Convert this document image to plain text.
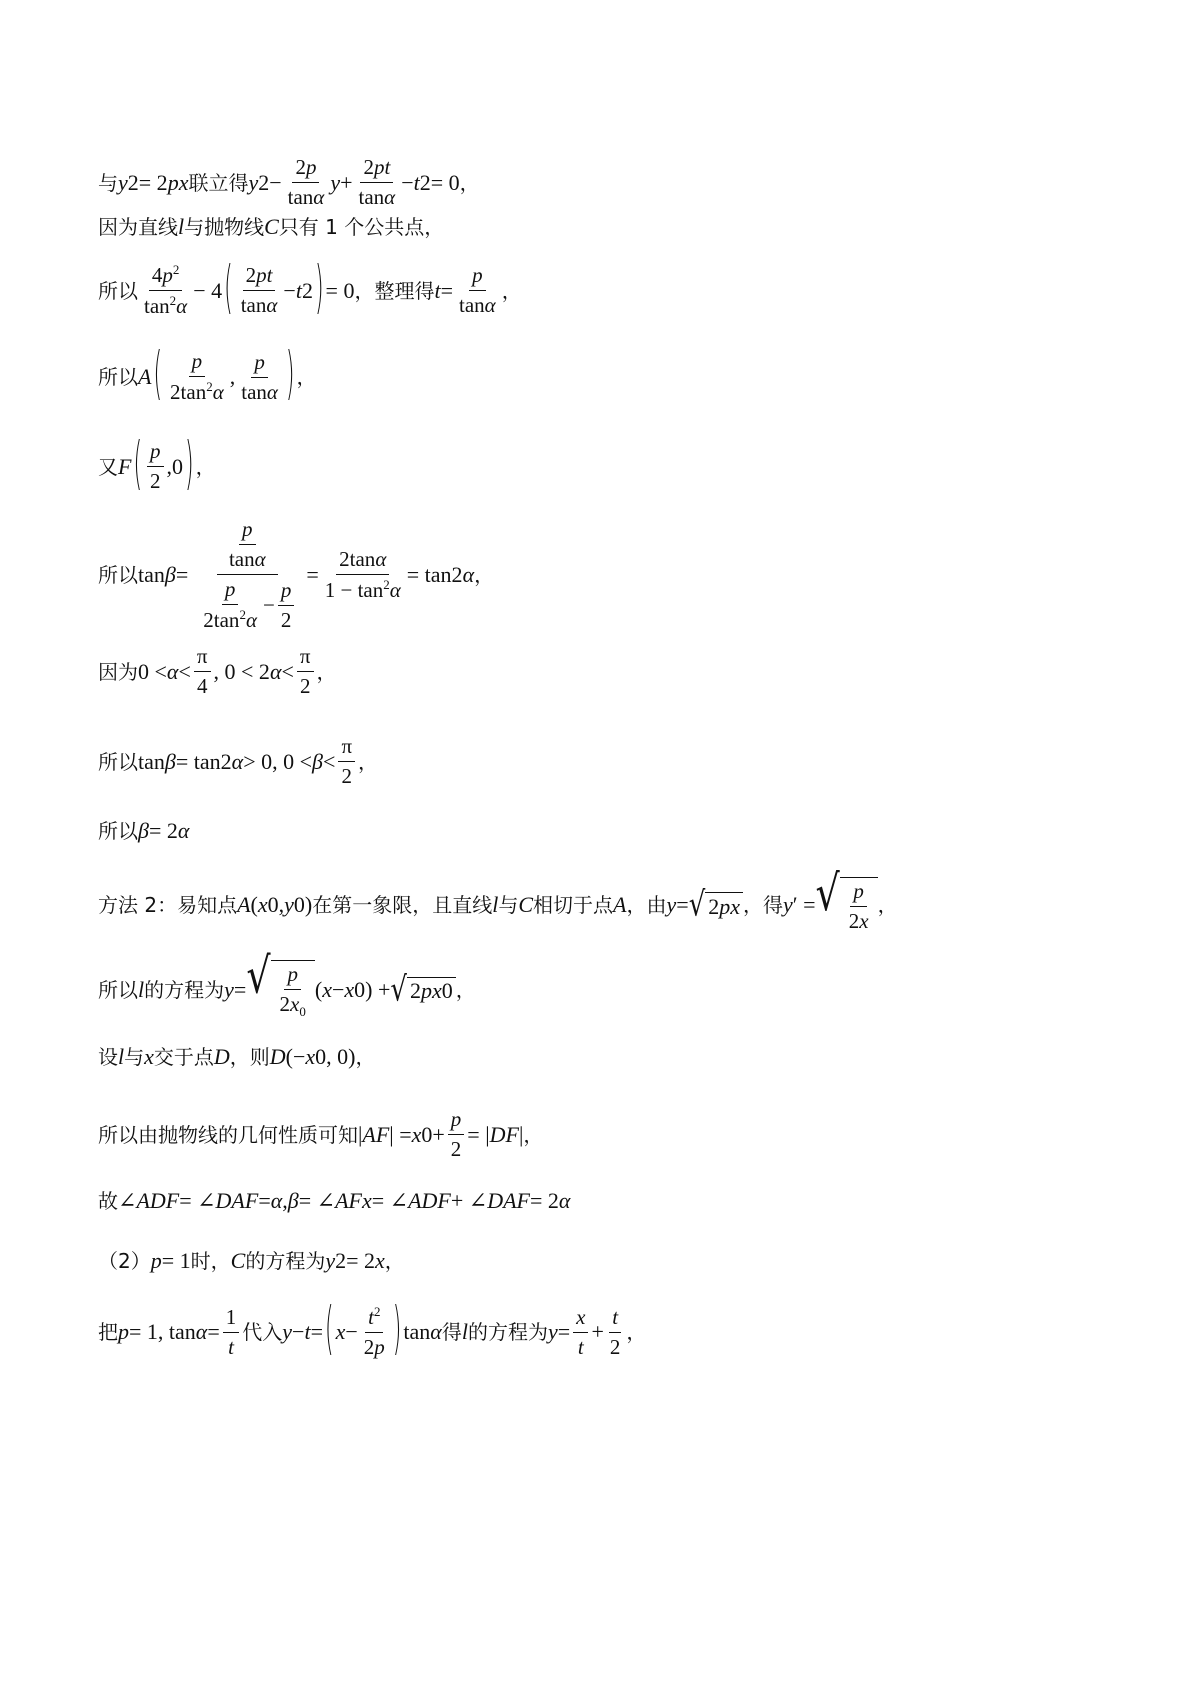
与 y 2 = 2 px 联立得 y $2 - \frac{2p}{\tan\alpha}$ $y + \frac{2pt}{\tan\alpha} - t$ 2 = 0 ，
因为直线 l 与抛物线 C 只有 1 个公共点，
所以 $\frac{4p^2}{\tan^2\alpha} - 4$ ( $\frac{2pt}{\tan\alpha} - t$ 2
) = 0 ，整理得 $t = \frac{p}{\tan\alpha}$ ，
所以 A ( $\frac{p}{2\tan^2\alpha}$ , $\frac{p}{\tan\alpha}$
) ，
又 F ( $\frac{p}{2} ,0$
) ，
所以 $\tan \beta = \frac{\frac{p}{\tan\alpha}}{\frac{p}{2\tan^2\alpha} - \frac{p}{2}} = \frac{2\tan\alpha}{1 - \tan^2\alpha} = \tan 2$ α ，
因为 $0 < \alpha < \frac{\pi}{4}$ , 0 < 2 $\alpha < \frac{\pi}{2}$ ，
所以 tan β = tan2 α > 0, $0 < \beta < \frac{\pi}{2}$ ，
所以 β = 2 α
方法 2：易知点 A ( x 0 , y 0 ) 在第一象限，且直线 l 与 C 相切于点 A ，由 y = √ 2 px ，得 y ′ = √ $\frac{p}{2x}$ ，
所以 l 的方程为 y = √ $\frac{p}{2x_0}$ ( x − x 0 ) + √ 2 px 0 ，
设 l 与 x 交于点 D ，则 D (− x 0 , 0) ，
所以由抛物线的几何性质可知 | AF | = x $0 + \frac{p}{2}$ = | DF | ，
故 ∠ ADF = ∠ DAF = α , β = ∠ AFx = ∠ ADF + ∠ DAF = 2 α
（2） p = 1 时， C 的方程为 y 2 = 2 x ，
把 p = 1, $\tan \alpha = \frac{1}{t}$ 代入 y − t = ( $x - \frac{t^2}{2p}$
) tan α 得 l 的方程为 $y = \frac{x}{t} + \frac{t}{2}$ ，
